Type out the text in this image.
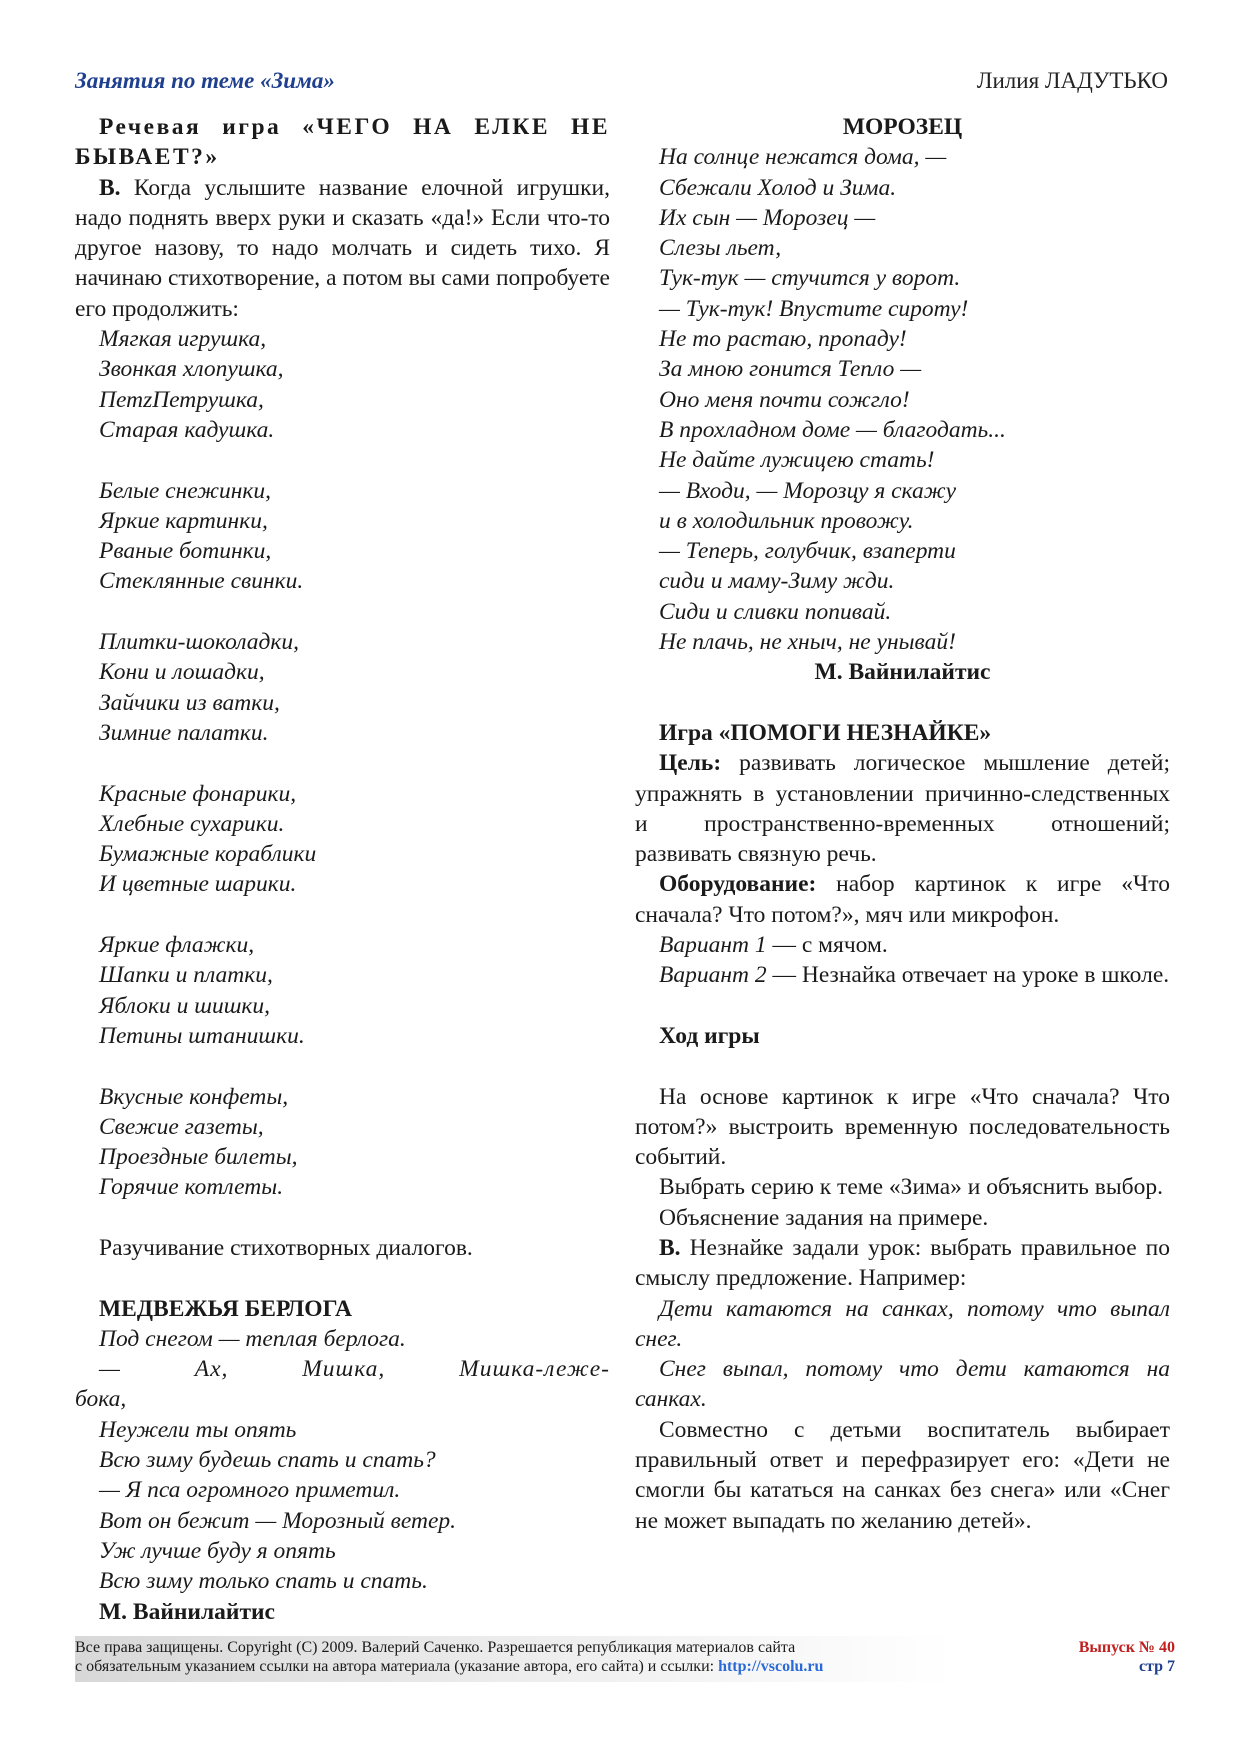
Занятия по теме «Зима»	Лилия ЛАДУТЬКО

Речевая игра «ЧЕГО НА ЕЛКЕ НЕ БЫВАЕТ?»

В. Когда услышите название елочной игрушки, надо поднять вверх руки и сказать «да!» Если что-то другое назову, то надо молчать и сидеть тихо. Я начинаю стихотворение, а потом вы сами попробуете его продолжить:

Мягкая игрушка,

Звонкая хлопушка,

ПетzПетрушка,

Старая кадушка.

Белые снежинки,

Яркие картинки,

Рваные ботинки,

Стеклянные свинки.

Плитки-шоколадки,

Кони и лошадки,

Зайчики из ватки,

Зимние палатки.

Красные фонарики,

Хлебные сухарики.

Бумажные кораблики

И цветные шарики.

Яркие флажки,

Шапки и платки,

Яблоки и шишки,

Петины штанишки.

Вкусные конфеты,

Свежие газеты,

Проездные билеты,

Горячие котлеты.

Разучивание стихотворных диалогов.

МЕДВЕЖЬЯ БЕРЛОГА

Под снегом — теплая берлога.

—	Ах,	Мишка,	Мишка-лежe-

бока,

Неужели ты опять

Всю зиму будешь спать и спать?

— Я пса огромного приметил.

Вот он бежит — Морозный ветер.

Уж лучше буду я опять

Всю зиму только спать и спать.

М. Вайнилайтис

МОРОЗЕЦ

На солнце нежатся дома, —

Сбежали Холод и Зима.

Их сын — Морозец —

Слезы льет,

Тук-тук — стучится у ворот.

— Тук-тук! Впустите сироту!

Не то растаю, пропаду!

За мною гонится Тепло —

Оно меня почти сожгло!

В прохладном доме — благодать...

Не дайте лужицею стать!

— Входи, — Морозцу я скажу

и в холодильник провожу.

— Теперь, голубчик, взаперти

сиди и маму-Зиму жди.

Сиди и сливки попивай.

Не плачь, не хныч, не унывай!

М. Вайнилайтис

Игра «ПОМОГИ НЕЗНАЙКЕ»

Цель: развивать логическое мышление детей; упражнять в установлении причинно-следственных и пространственно-временных отношений; развивать связную речь.

Оборудование: набор картинок к игре «Что сначала? Что потом?», мяч или микрофон.

Вариант 1 — с мячом.

Вариант 2 — Незнайка отвечает на уроке в школе.

Ход игры

На основе картинок к игре «Что сначала? Что потом?» выстроить временную последовательность событий.

Выбрать серию к теме «Зима» и объяснить выбор.

Объяснение задания на примере.

В. Незнайке задали урок: выбрать правильное по смыслу предложение. Например:

Дети катаются на санках, потому что выпал снег.

Снег выпал, потому что дети катаются на санках.

Совместно с детьми воспитатель выбирает правильный ответ и перефразирует его: «Дети не смогли бы кататься на санках без снега» или «Снег не может выпадать по желанию детей».

Все права защищены. Copyright (C) 2009. Валерий Саченко. Разрешается републикация материалов сайта
с обязательным указанием ссылки на автора материала (указание автора, его сайта) и ссылки: http://vscolu.ru
Выпуск № 40
стр 7
